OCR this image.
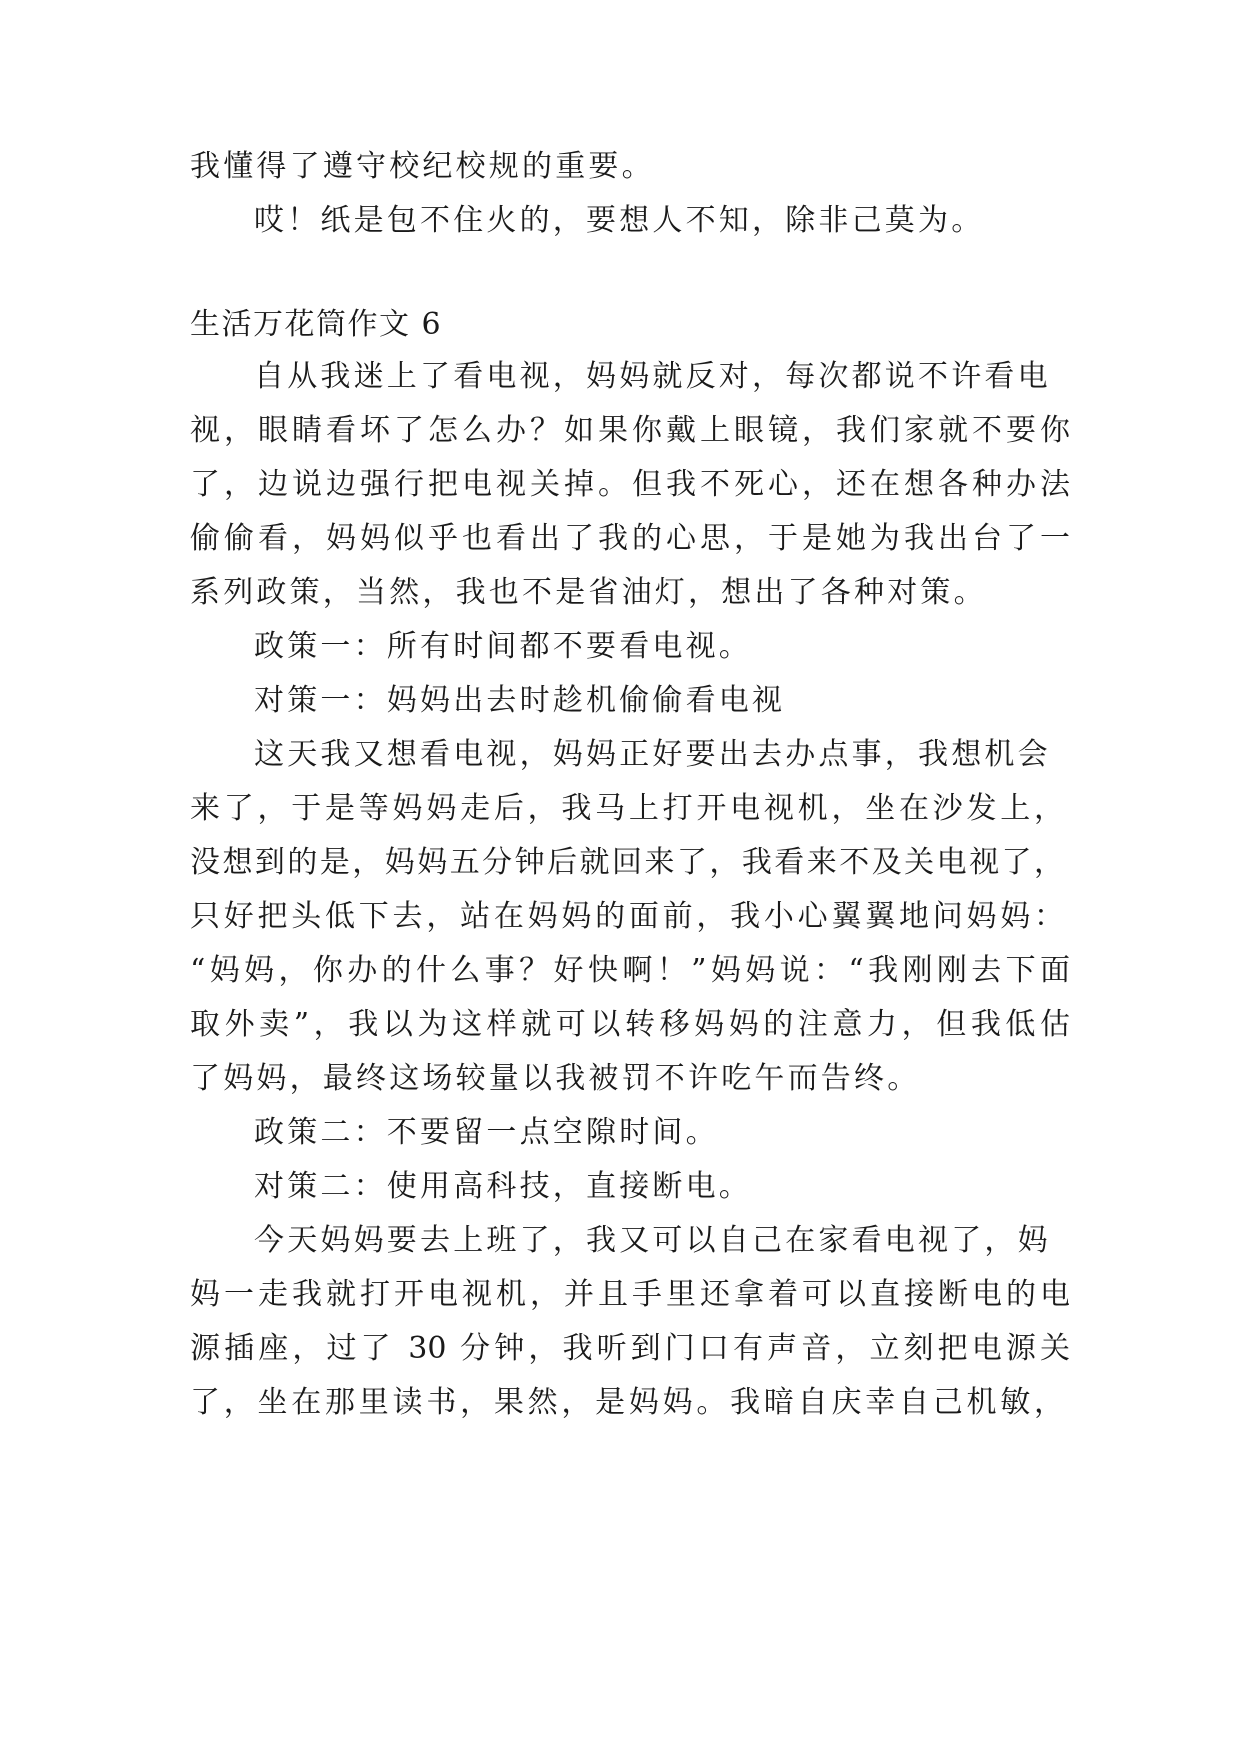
我懂得了遵守校纪校规的重要。
哎！纸是包不住火的，要想人不知，除非己莫为。
生活万花筒作文 6
自从我迷上了看电视，妈妈就反对，每次都说不许看电
视，眼睛看坏了怎么办？如果你戴上眼镜，我们家就不要你
了，边说边强行把电视关掉。但我不死心，还在想各种办法
偷偷看，妈妈似乎也看出了我的心思，于是她为我出台了一
系列政策，当然，我也不是省油灯，想出了各种对策。
政策一：所有时间都不要看电视。
对策一：妈妈出去时趁机偷偷看电视
这天我又想看电视，妈妈正好要出去办点事，我想机会
来了，于是等妈妈走后，我马上打开电视机，坐在沙发上，
没想到的是，妈妈五分钟后就回来了，我看来不及关电视了，
只好把头低下去，站在妈妈的面前，我小心翼翼地问妈妈：
“妈妈，你办的什么事？好快啊！”妈妈说：“我刚刚去下面
取外卖”，我以为这样就可以转移妈妈的注意力，但我低估
了妈妈，最终这场较量以我被罚不许吃午而告终。
政策二：不要留一点空隙时间。
对策二：使用高科技，直接断电。
今天妈妈要去上班了，我又可以自己在家看电视了，妈
妈一走我就打开电视机，并且手里还拿着可以直接断电的电
源插座，过了 30 分钟，我听到门口有声音，立刻把电源关
了，坐在那里读书，果然，是妈妈。我暗自庆幸自己机敏，
